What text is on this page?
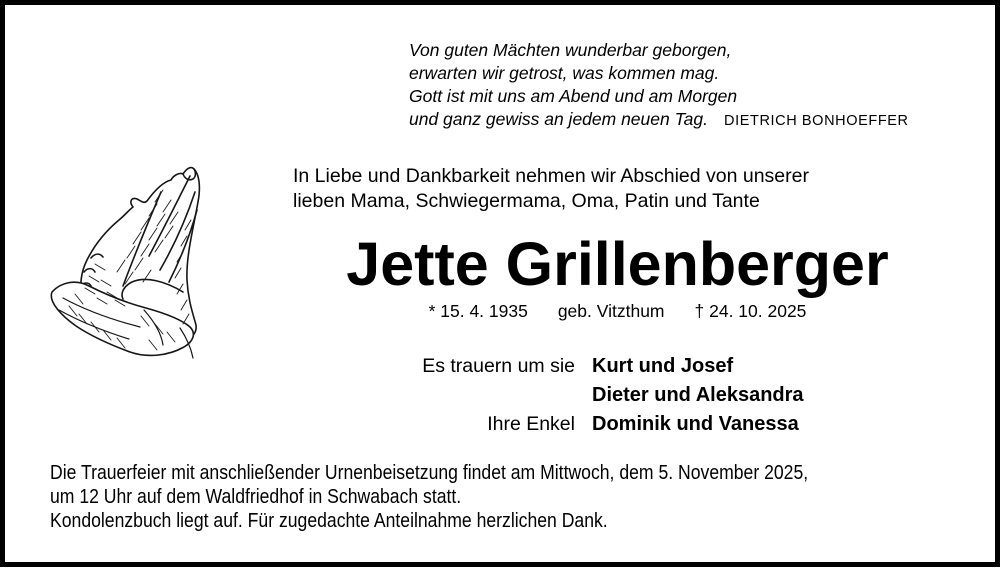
Von guten Mächten wunderbar geborgen,
erwarten wir getrost, was kommen mag.
Gott ist mit uns am Abend und am Morgen
und ganz gewiss an jedem neuen Tag. DIETRICH BONHOEFFER
In Liebe und Dankbarkeit nehmen wir Abschied von unserer
lieben Mama, Schwiegermama, Oma, Patin und Tante
Jette Grillenberger
* 15. 4. 1935 geb. Vitzthum † 24. 10. 2025
Es trauern um sie Kurt und Josef
Dieter und Aleksandra
Ihre Enkel Dominik und Vanessa
Die Trauerfeier mit anschließender Urnenbeisetzung findet am Mittwoch, dem 5. November 2025,
um 12 Uhr auf dem Waldfriedhof in Schwabach statt.
Kondolenzbuch liegt auf. Für zugedachte Anteilnahme herzlichen Dank.
